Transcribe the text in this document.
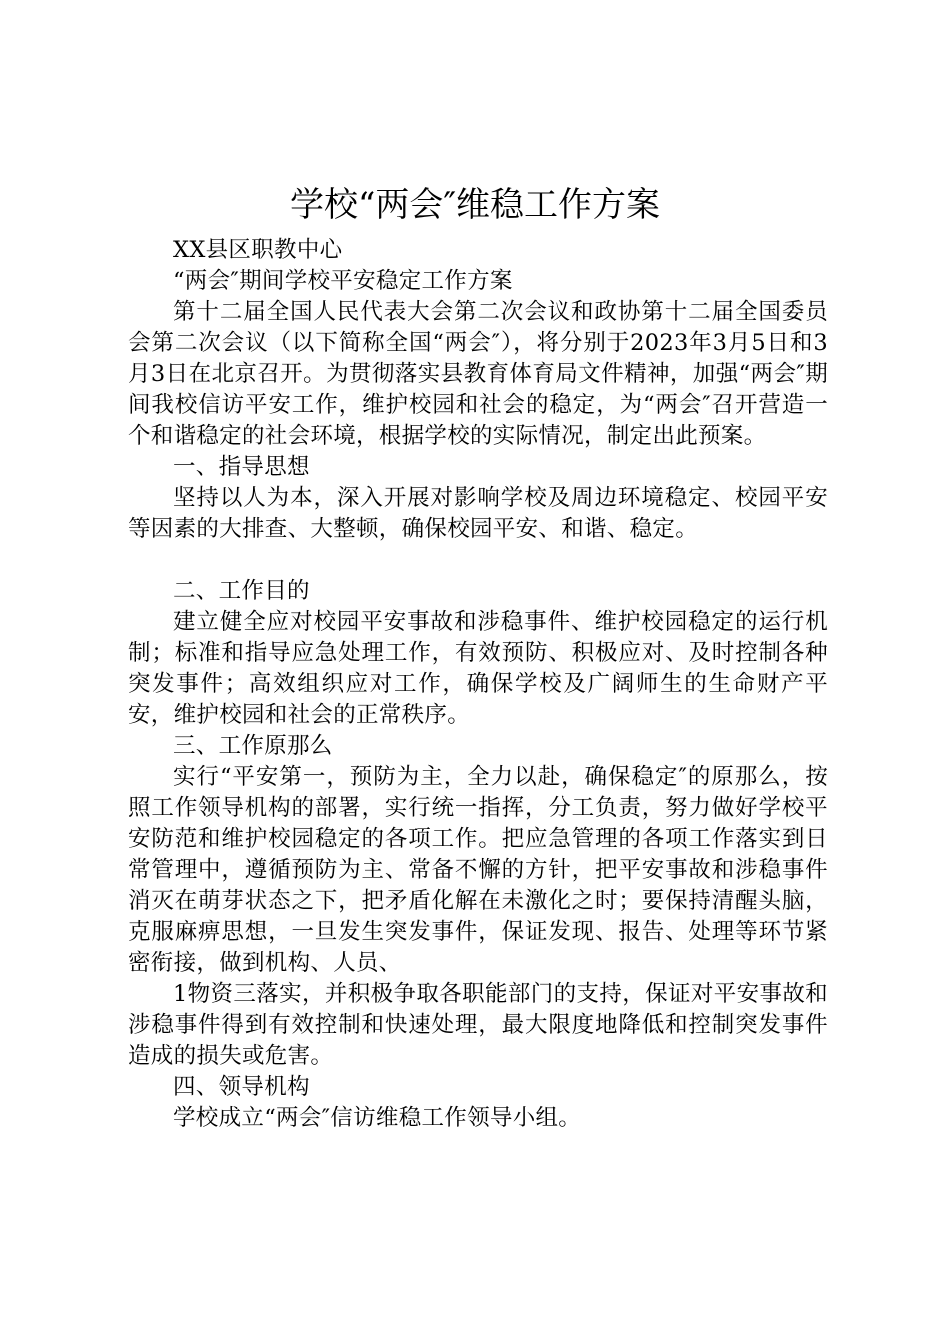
学校“两会″维稳工作方案

XX县区职教中心

“两会″期间学校平安稳定工作方案

第十二届全国人民代表大会第二次会议和政协第十二届全国委员会第二次会议（以下简称全国“两会″），将分别于2023年3月5日和3月3日在北京召开。为贯彻落实县教育体育局文件精神，加强“两会″期间我校信访平安工作，维护校园和社会的稳定，为“两会″召开营造一个和谐稳定的社会环境，根据学校的实际情况，制定出此预案。

一、指导思想

坚持以人为本，深入开展对影响学校及周边环境稳定、校园平安等因素的大排查、大整顿，确保校园平安、和谐、稳定。

二、工作目的

建立健全应对校园平安事故和涉稳事件、维护校园稳定的运行机制；标准和指导应急处理工作，有效预防、积极应对、及时控制各种突发事件；高效组织应对工作，确保学校及广阔师生的生命财产平安，维护校园和社会的正常秩序。

三、工作原那么

实行“平安第一，预防为主，全力以赴，确保稳定″的原那么，按照工作领导机构的部署，实行统一指挥，分工负责，努力做好学校平安防范和维护校园稳定的各项工作。把应急管理的各项工作落实到日常管理中，遵循预防为主、常备不懈的方针，把平安事故和涉稳事件消灭在萌芽状态之下，把矛盾化解在未激化之时；要保持清醒头脑，克服麻痹思想，一旦发生突发事件，保证发现、报告、处理等环节紧密衔接，做到机构、人员、

1物资三落实，并积极争取各职能部门的支持，保证对平安事故和涉稳事件得到有效控制和快速处理，最大限度地降低和控制突发事件造成的损失或危害。

四、领导机构

学校成立“两会″信访维稳工作领导小组。
